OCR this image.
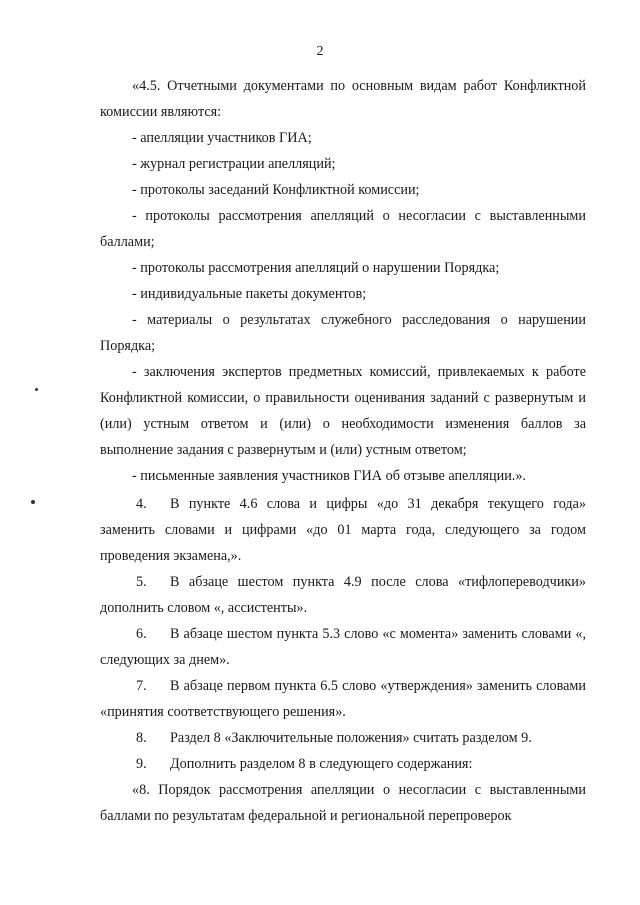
2

«4.5. Отчетными документами по основным видам работ Конфликтной комиссии являются:

- апелляции участников ГИА;

- журнал регистрации апелляций;

- протоколы заседаний Конфликтной комиссии;

- протоколы рассмотрения апелляций о несогласии с выставленными баллами;

- протоколы рассмотрения апелляций о нарушении Порядка;

- индивидуальные пакеты документов;

- материалы о результатах служебного расследования о нарушении Порядка;

- заключения экспертов предметных комиссий, привлекаемых к работе Конфликтной комиссии, о правильности оценивания заданий с развернутым и (или) устным ответом и (или) о необходимости изменения баллов за выполнение задания с развернутым и (или) устным ответом;

- письменные заявления участников ГИА об отзыве апелляции.».

4. В пункте 4.6 слова и цифры «до 31 декабря текущего года» заменить словами и цифрами «до 01 марта года, следующего за годом проведения экзамена,».

5. В абзаце шестом пункта 4.9 после слова «тифлопереводчики» дополнить словом «, ассистенты».

6. В абзаце шестом пункта 5.3 слово «с момента» заменить словами «, следующих за днем».

7. В абзаце первом пункта 6.5 слово «утверждения» заменить словами «принятия соответствующего решения».

8. Раздел 8 «Заключительные положения» считать разделом 9.

9. Дополнить разделом 8 в следующего содержания:

«8. Порядок рассмотрения апелляции о несогласии с выставленными баллами по результатам федеральной и региональной перепроверок
